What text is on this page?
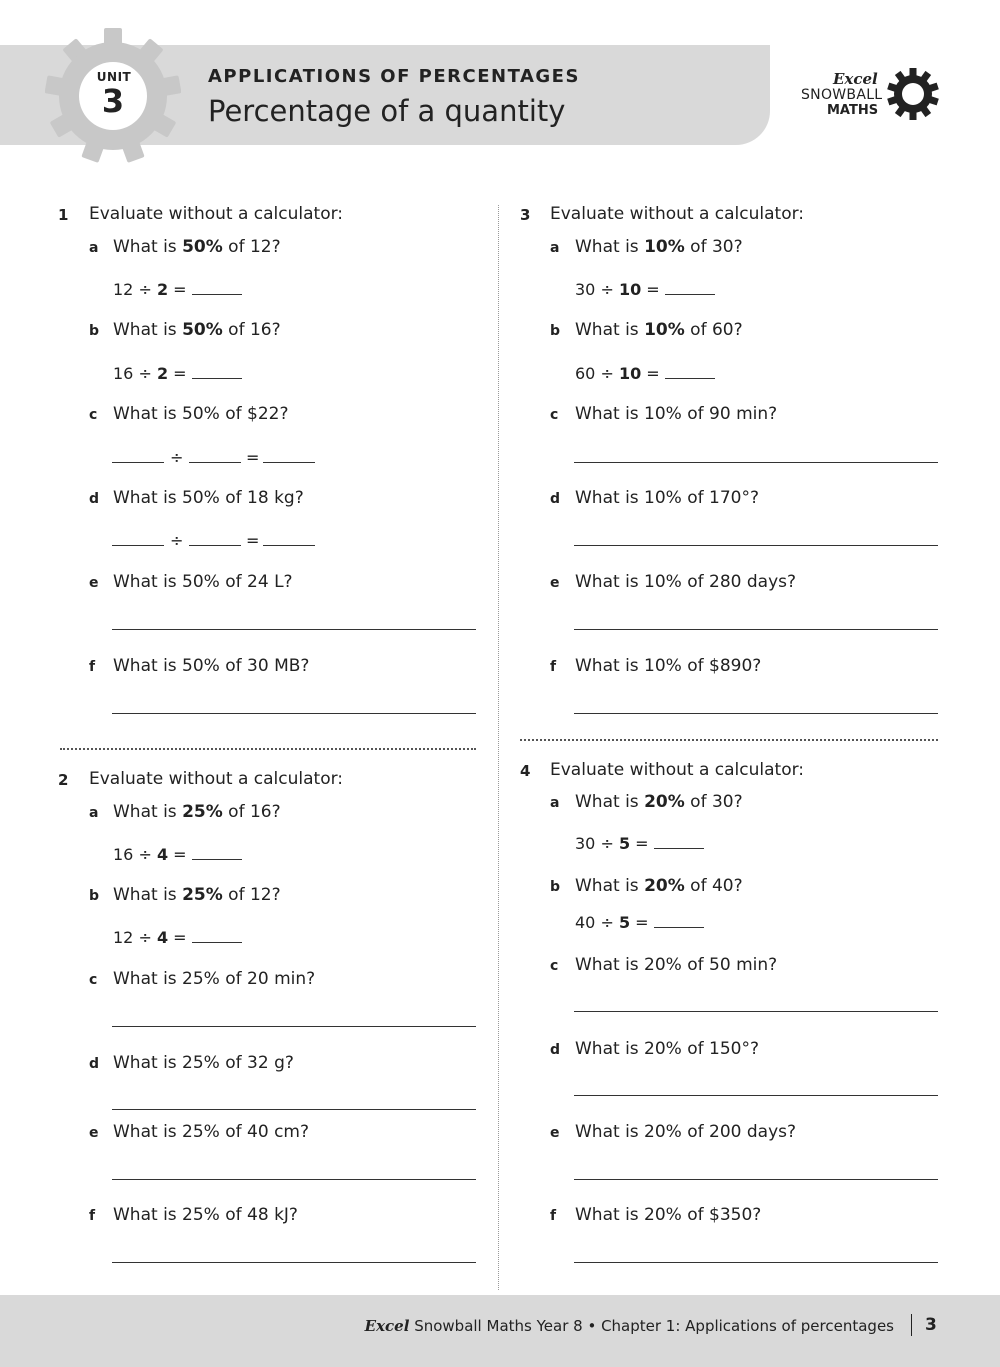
UNIT
3
APPLICATIONS OF PERCENTAGES
Percentage of a quantity
Excel
SNOWBALL
MATHS
1 Evaluate without a calculator:
a What is 50% of 12?
12 ÷ 2 =
b What is 50% of 16?
16 ÷ 2 =
c What is 50% of $22?
÷	=
d What is 50% of 18 kg?
÷	=
e What is 50% of 24 L?
f What is 50% of 30 MB?
2 Evaluate without a calculator:
a What is 25% of 16?
16 ÷ 4 =
b What is 25% of 12?
12 ÷ 4 =
c What is 25% of 20 min?
d What is 25% of 32 g?
e What is 25% of 40 cm?
f What is 25% of 48 kJ?
3 Evaluate without a calculator:
a What is 10% of 30?
30 ÷ 10 =
b What is 10% of 60?
60 ÷ 10 =
c What is 10% of 90 min?
d What is 10% of 170°?
e What is 10% of 280 days?
f What is 10% of $890?
4 Evaluate without a calculator:
a What is 20% of 30?
30 ÷ 5 =
b What is 20% of 40?
40 ÷ 5 =
c What is 20% of 50 min?
d What is 20% of 150°?
e What is 20% of 200 days?
f What is 20% of $350?
Excel Snowball Maths Year 8 • Chapter 1: Applications of percentages 3
